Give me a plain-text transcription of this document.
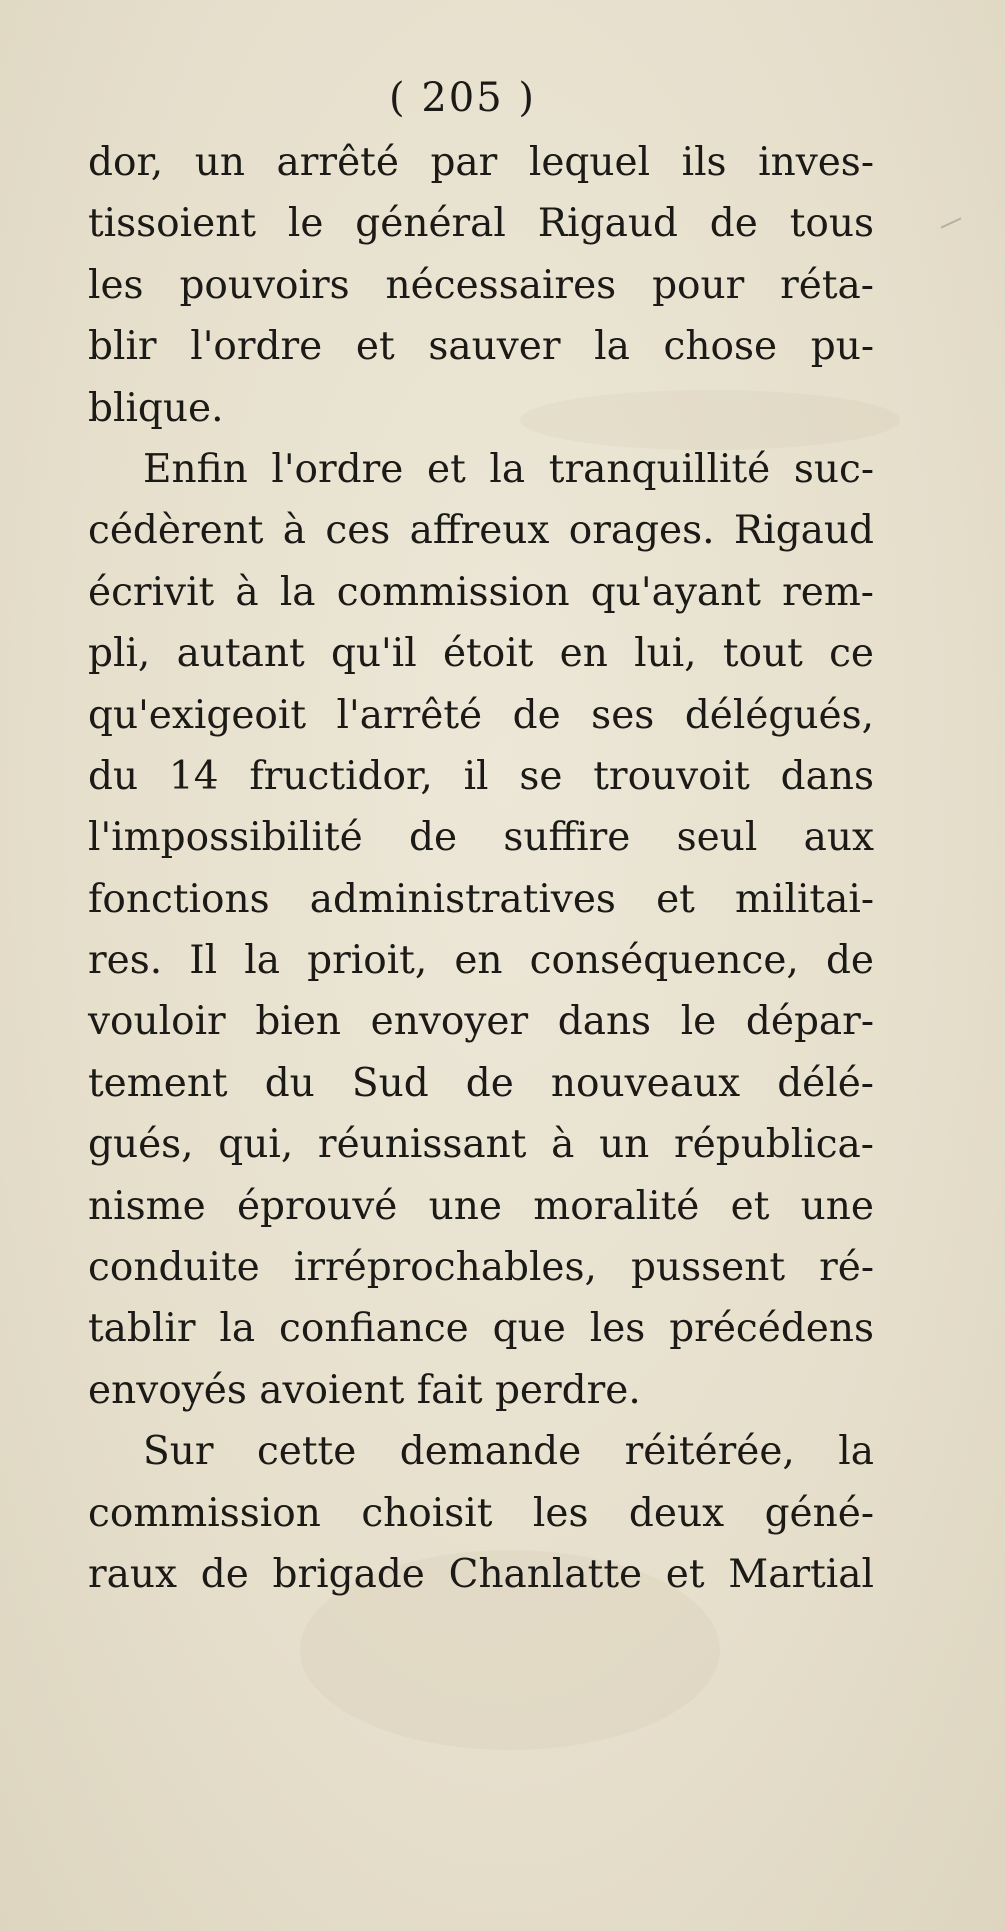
( 205 )
dor, un arrêté par lequel ils inves-
tissoient le général Rigaud de tous
les pouvoirs nécessaires pour réta-
blir l'ordre et sauver la chose pu-
blique.
Enfin l'ordre et la tranquillité suc-
cédèrent à ces affreux orages. Rigaud
écrivit à la commission qu'ayant rem-
pli, autant qu'il étoit en lui, tout ce
qu'exigeoit l'arrêté de ses délégués,
du 14 fructidor, il se trouvoit dans
l'impossibilité de suffire seul aux
fonctions administratives et militai-
res. Il la prioit, en conséquence, de
vouloir bien envoyer dans le dépar-
tement du Sud de nouveaux délé-
gués, qui, réunissant à un républica-
nisme éprouvé une moralité et une
conduite irréprochables, pussent ré-
tablir la confiance que les précédens
envoyés avoient fait perdre.
Sur cette demande réitérée, la
commission choisit les deux géné-
raux de brigade Chanlatte et Martial
